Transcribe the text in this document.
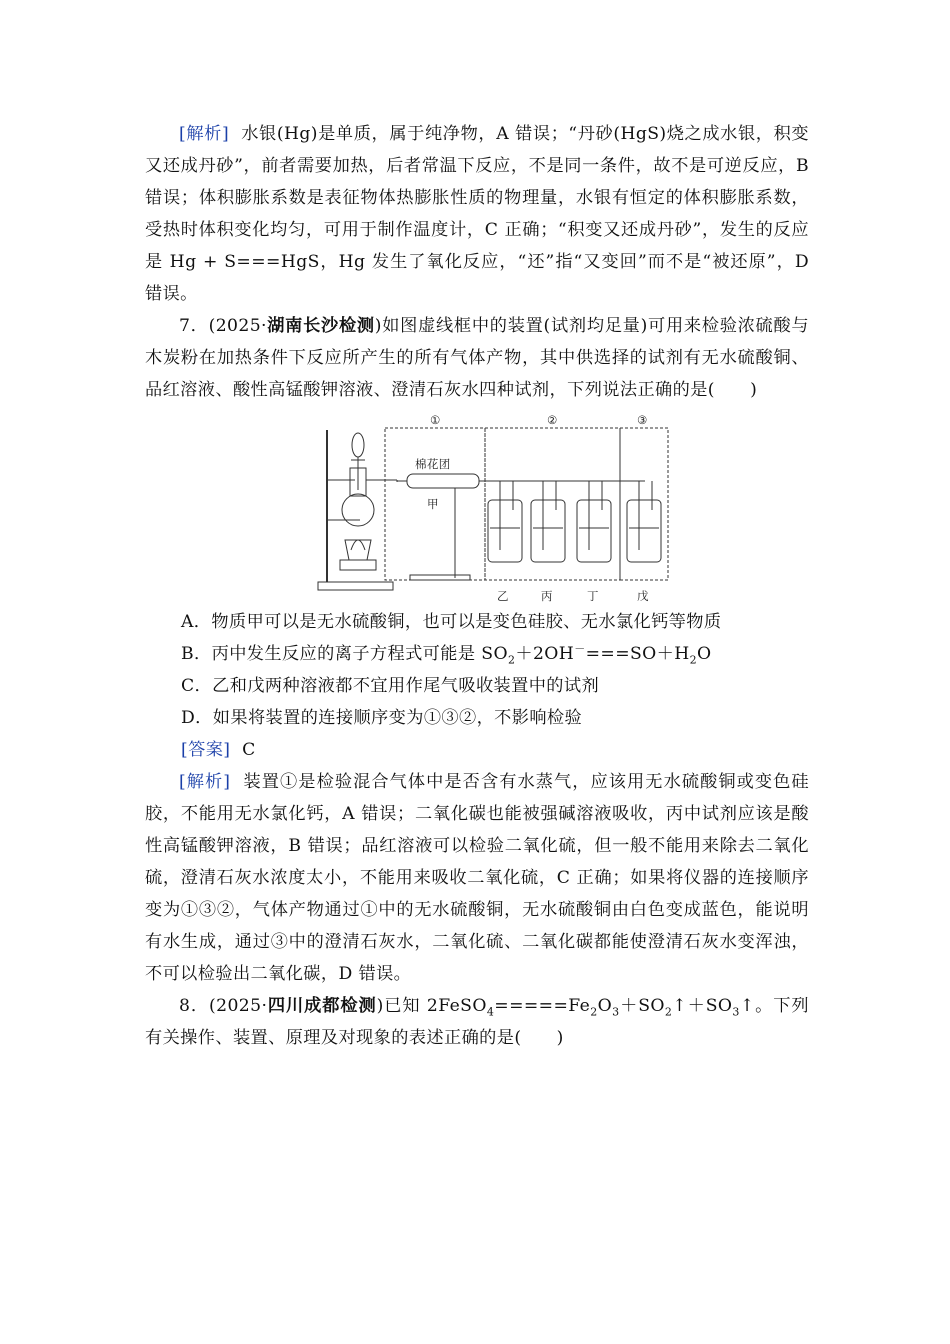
[解析] 水银(Hg)是单质，属于纯净物，A 错误；“丹砂(HgS)烧之成水银，积变又还成丹砂”，前者需要加热，后者常温下反应，不是同一条件，故不是可逆反应，B 错误；体积膨胀系数是表征物体热膨胀性质的物理量，水银有恒定的体积膨胀系数，受热时体积变化均匀，可用于制作温度计，C 正确；“积变又还成丹砂”，发生的反应是 Hg + S===HgS，Hg 发生了氧化反应，“还”指“又变回”而不是“被还原”，D 错误。

7．(2025·湖南长沙检测)如图虚线框中的装置(试剂均足量)可用来检验浓硫酸与木炭粉在加热条件下反应所产生的所有气体产物，其中供选择的试剂有无水硫酸铜、品红溶液、酸性高锰酸钾溶液、澄清石灰水四种试剂，下列说法正确的是(　　)

①	②	③
棉花团
甲
乙	丙	丁	戊

A．物质甲可以是无水硫酸铜，也可以是变色硅胶、无水氯化钙等物质

B．丙中发生反应的离子方程式可能是 $SO_2+2OH^-===SO+H_2O$

C．乙和戊两种溶液都不宜用作尾气吸收装置中的试剂

D．如果将装置的连接顺序变为①③②，不影响检验

[答案] C

[解析] 装置①是检验混合气体中是否含有水蒸气，应该用无水硫酸铜或变色硅胶，不能用无水氯化钙，A 错误；二氧化碳也能被强碱溶液吸收，丙中试剂应该是酸性高锰酸钾溶液，B 错误；品红溶液可以检验二氧化硫，但一般不能用来除去二氧化硫，澄清石灰水浓度太小，不能用来吸收二氧化硫，C 正确；如果将仪器的连接顺序变为①③②，气体产物通过①中的无水硫酸铜，无水硫酸铜由白色变成蓝色，能说明有水生成，通过③中的澄清石灰水，二氧化硫、二氧化碳都能使澄清石灰水变浑浊，不可以检验出二氧化碳，D 错误。

8．(2025·四川成都检测)已知 $2FeSO_4=====Fe_2O_3+SO_2↑+SO_3↑$。下列有关操作、装置、原理及对现象的表述正确的是(　　)
